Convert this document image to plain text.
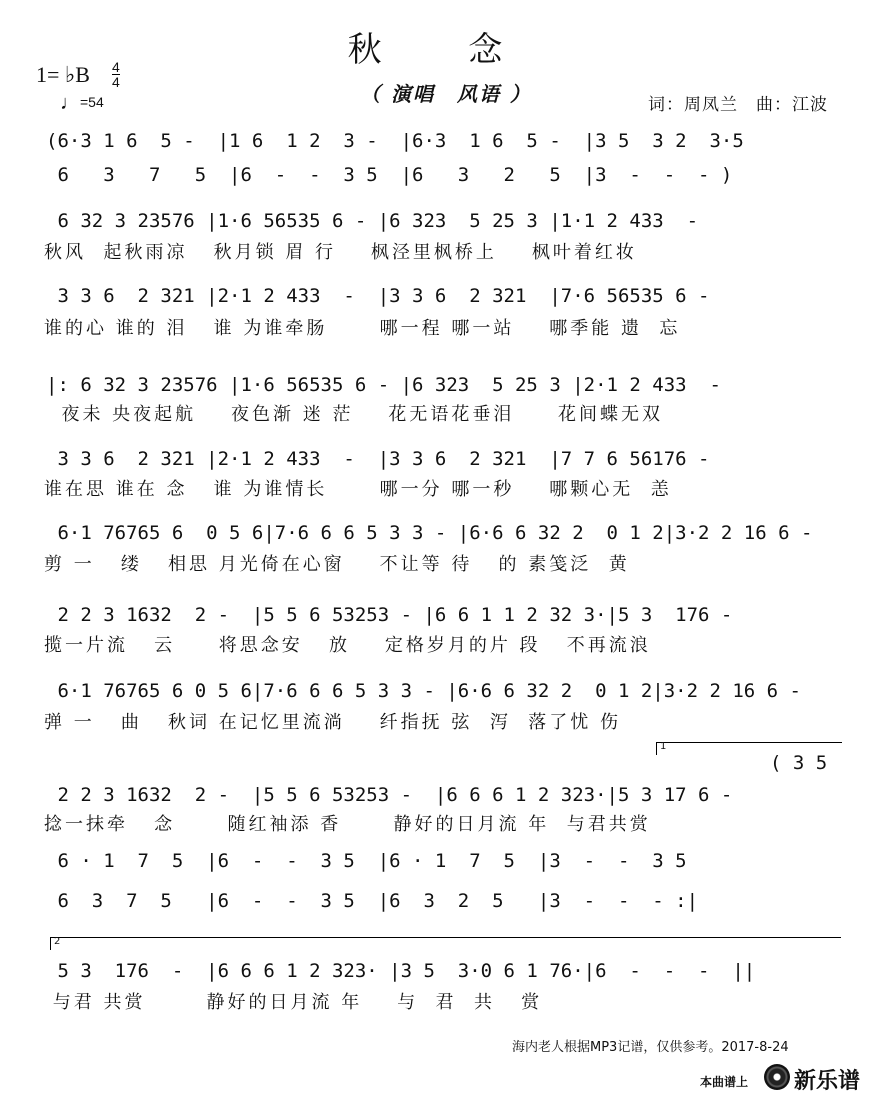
秋 念
1= ♭B 4
4
♩=54	（ 演唱　风语 ）	词：周凤兰　曲：江波
(6·3 1 6  5 -  |1 6  1 2  3 -  |6·3  1 6  5 -  |3 5  3 2  3·5
6   3   7   5  |6  -  -  3 5  |6   3   2   5  |3  -  -  - )
6 32 3 23576 |1·6 56535 6 - |6 323  5 25 3 |1·1 2 433  -
秋风  起秋雨凉   秋月锁 眉 行    枫泾里枫桥上    枫叶着红妆
3 3 6  2 321 |2·1 2 433  -  |3 3 6  2 321  |7·6 56535 6 -
谁的心 谁的 泪   谁 为谁牵肠      哪一程 哪一站    哪季能 遗  忘
|: 6 32 3 23576 |1·6 56535 6 - |6 323  5 25 3 |2·1 2 433  -
夜未 央夜起航    夜色渐 迷 茫    花无语花垂泪     花间蝶无双
3 3 6  2 321 |2·1 2 433  -  |3 3 6  2 321  |7 7 6 56176 -
谁在思 谁在 念   谁 为谁情长      哪一分 哪一秒    哪颗心无  恙
6·1 76765 6  0 5 6|7·6 6 6 5 3 3 - |6·6 6 32 2  0 1 2|3·2 2 16 6 -
剪 一   缕   相思 月光倚在心窗    不让等 待   的 素笺泛  黄
2 2 3 1632  2 -  |5 5 6 53253 - |6 6 1 1 2 32 3·|5 3  176 -
揽一片流   云     将思念安   放    定格岁月的片 段   不再流浪
6·1 76765 6 0 5 6|7·6 6 6 5 3 3 - |6·6 6 32 2  0 1 2|3·2 2 16 6 -
弹 一   曲   秋词 在记忆里流淌    纤指抚 弦  泻  落了忧 伤
1
( 3 5
2 2 3 1632  2 -  |5 5 6 53253 -  |6 6 6 1 2 323·|5 3 17 6 -
捻一抹牵   念      随红袖添 香      静好的日月流 年  与君共赏
6 · 1  7  5  |6  -  -  3 5  |6 · 1  7  5  |3  -  -  3 5
6  3  7  5   |6  -  -  3 5  |6  3  2  5   |3  -  -  - :|
2
5 3  176  -  |6 6 6 1 2 323· |3 5  3·0 6 1 76·|6  -  -  -  ||
与君 共赏       静好的日月流 年    与  君  共   赏
海内老人根据MP3记谱，仅供参考。2017-8-24
本曲谱上 新乐谱
